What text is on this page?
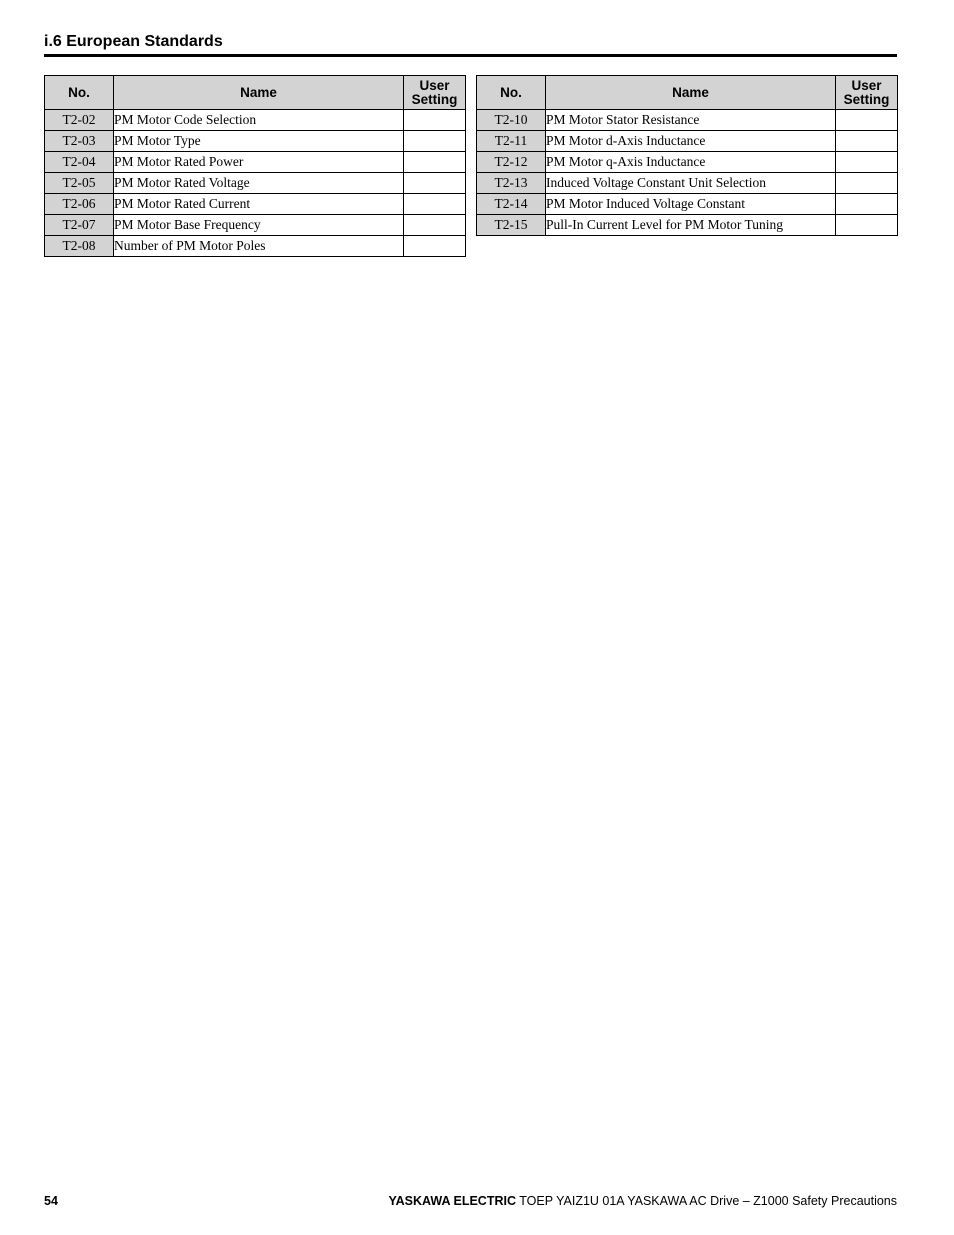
i.6 European Standards
No.	Name	User
Setting
T2-02	PM Motor Code Selection	
T2-03	PM Motor Type	
T2-04	PM Motor Rated Power	
T2-05	PM Motor Rated Voltage	
T2-06	PM Motor Rated Current	
T2-07	PM Motor Base Frequency	
T2-08	Number of PM Motor Poles	
No.	Name	User
Setting
T2-10	PM Motor Stator Resistance	
T2-11	PM Motor d-Axis Inductance	
T2-12	PM Motor q-Axis Inductance	
T2-13	Induced Voltage Constant Unit Selection	
T2-14	PM Motor Induced Voltage Constant	
T2-15	Pull-In Current Level for PM Motor Tuning	
54	YASKAWA ELECTRIC TOEP YAIZ1U 01A YASKAWA AC Drive – Z1000 Safety Precautions
